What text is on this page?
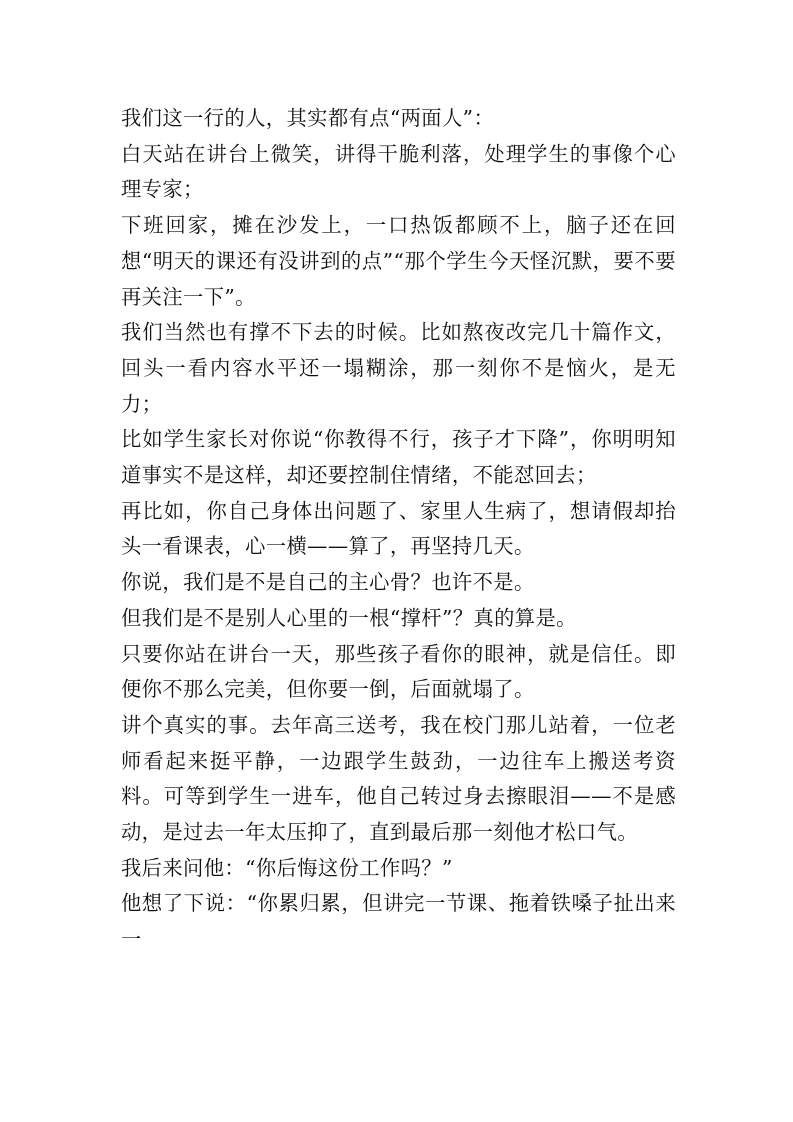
我们这一行的人，其实都有点“两面人”：

白天站在讲台上微笑，讲得干脆利落，处理学生的事像个心理专家；

下班回家，摊在沙发上，一口热饭都顾不上，脑子还在回想“明天的课还有没讲到的点”“那个学生今天怪沉默，要不要再关注一下”。

我们当然也有撑不下去的时候。比如熬夜改完几十篇作文，回头一看内容水平还一塌糊涂，那一刻你不是恼火，是无力；

比如学生家长对你说“你教得不行，孩子才下降”，你明明知道事实不是这样，却还要控制住情绪，不能怼回去；

再比如，你自己身体出问题了、家里人生病了，想请假却抬头一看课表，心一横——算了，再坚持几天。

你说，我们是不是自己的主心骨？也许不是。

但我们是不是别人心里的一根“撑杆”？真的算是。

只要你站在讲台一天，那些孩子看你的眼神，就是信任。即便你不那么完美，但你要一倒，后面就塌了。

讲个真实的事。去年高三送考，我在校门那儿站着，一位老师看起来挺平静，一边跟学生鼓劲，一边往车上搬送考资料。可等到学生一进车，他自己转过身去擦眼泪——不是感动，是过去一年太压抑了，直到最后那一刻他才松口气。

我后来问他：“你后悔这份工作吗？”

他想了下说：“你累归累，但讲完一节课、拖着铁嗓子扯出来一
